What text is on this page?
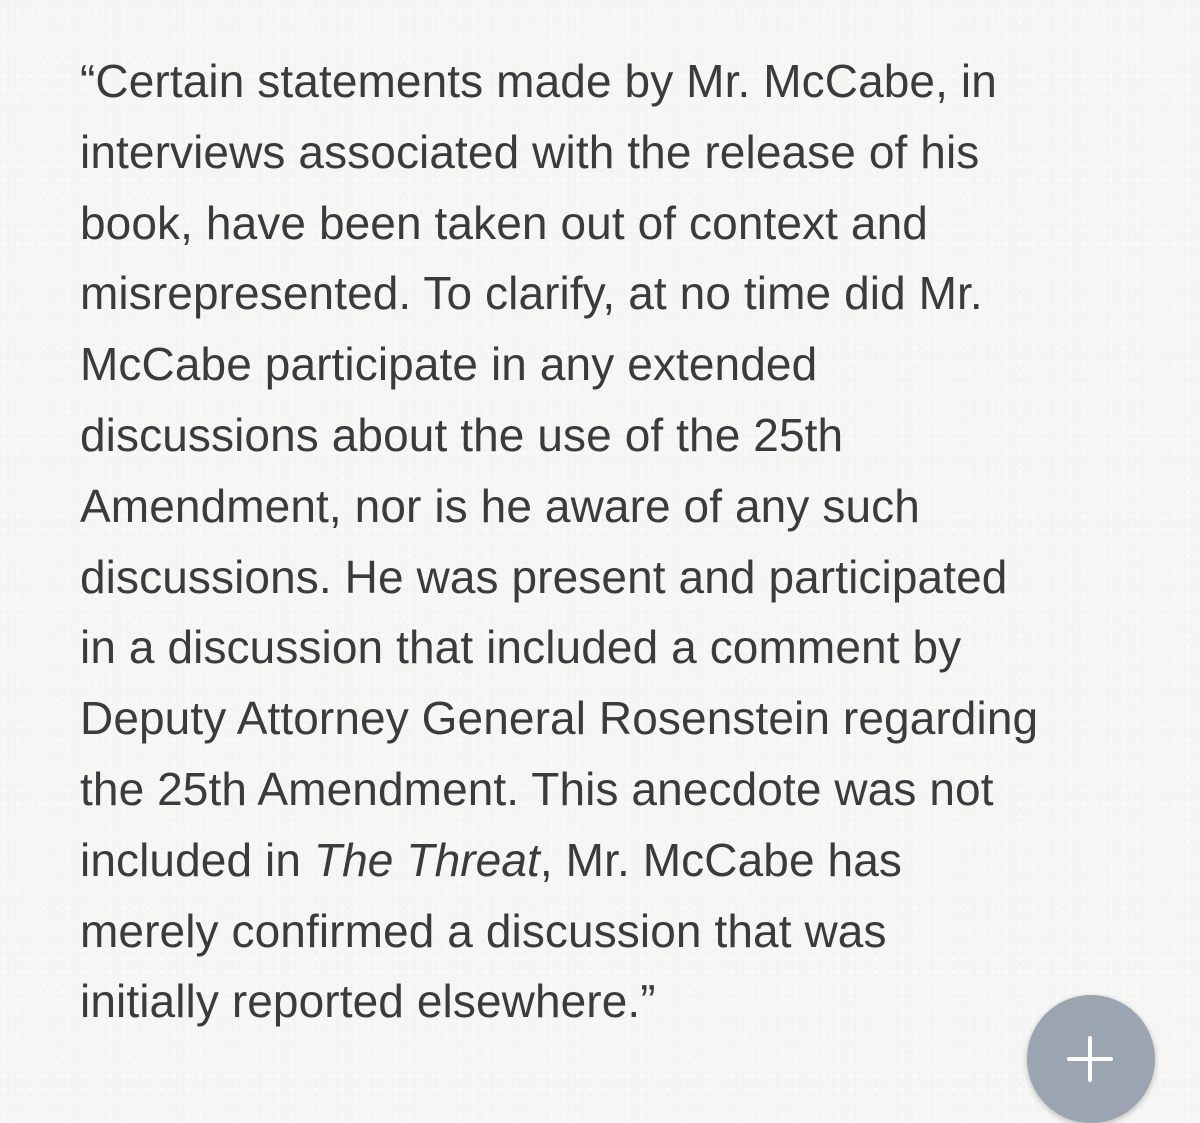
“Certain statements made by Mr. McCabe, in
interviews associated with the release of his
book, have been taken out of context and
misrepresented. To clarify, at no time did Mr.
McCabe participate in any extended
discussions about the use of the 25th
Amendment, nor is he aware of any such
discussions. He was present and participated
in a discussion that included a comment by
Deputy Attorney General Rosenstein regarding
the 25th Amendment. This anecdote was not
included in The Threat, Mr. McCabe has
merely confirmed a discussion that was
initially reported elsewhere.”
